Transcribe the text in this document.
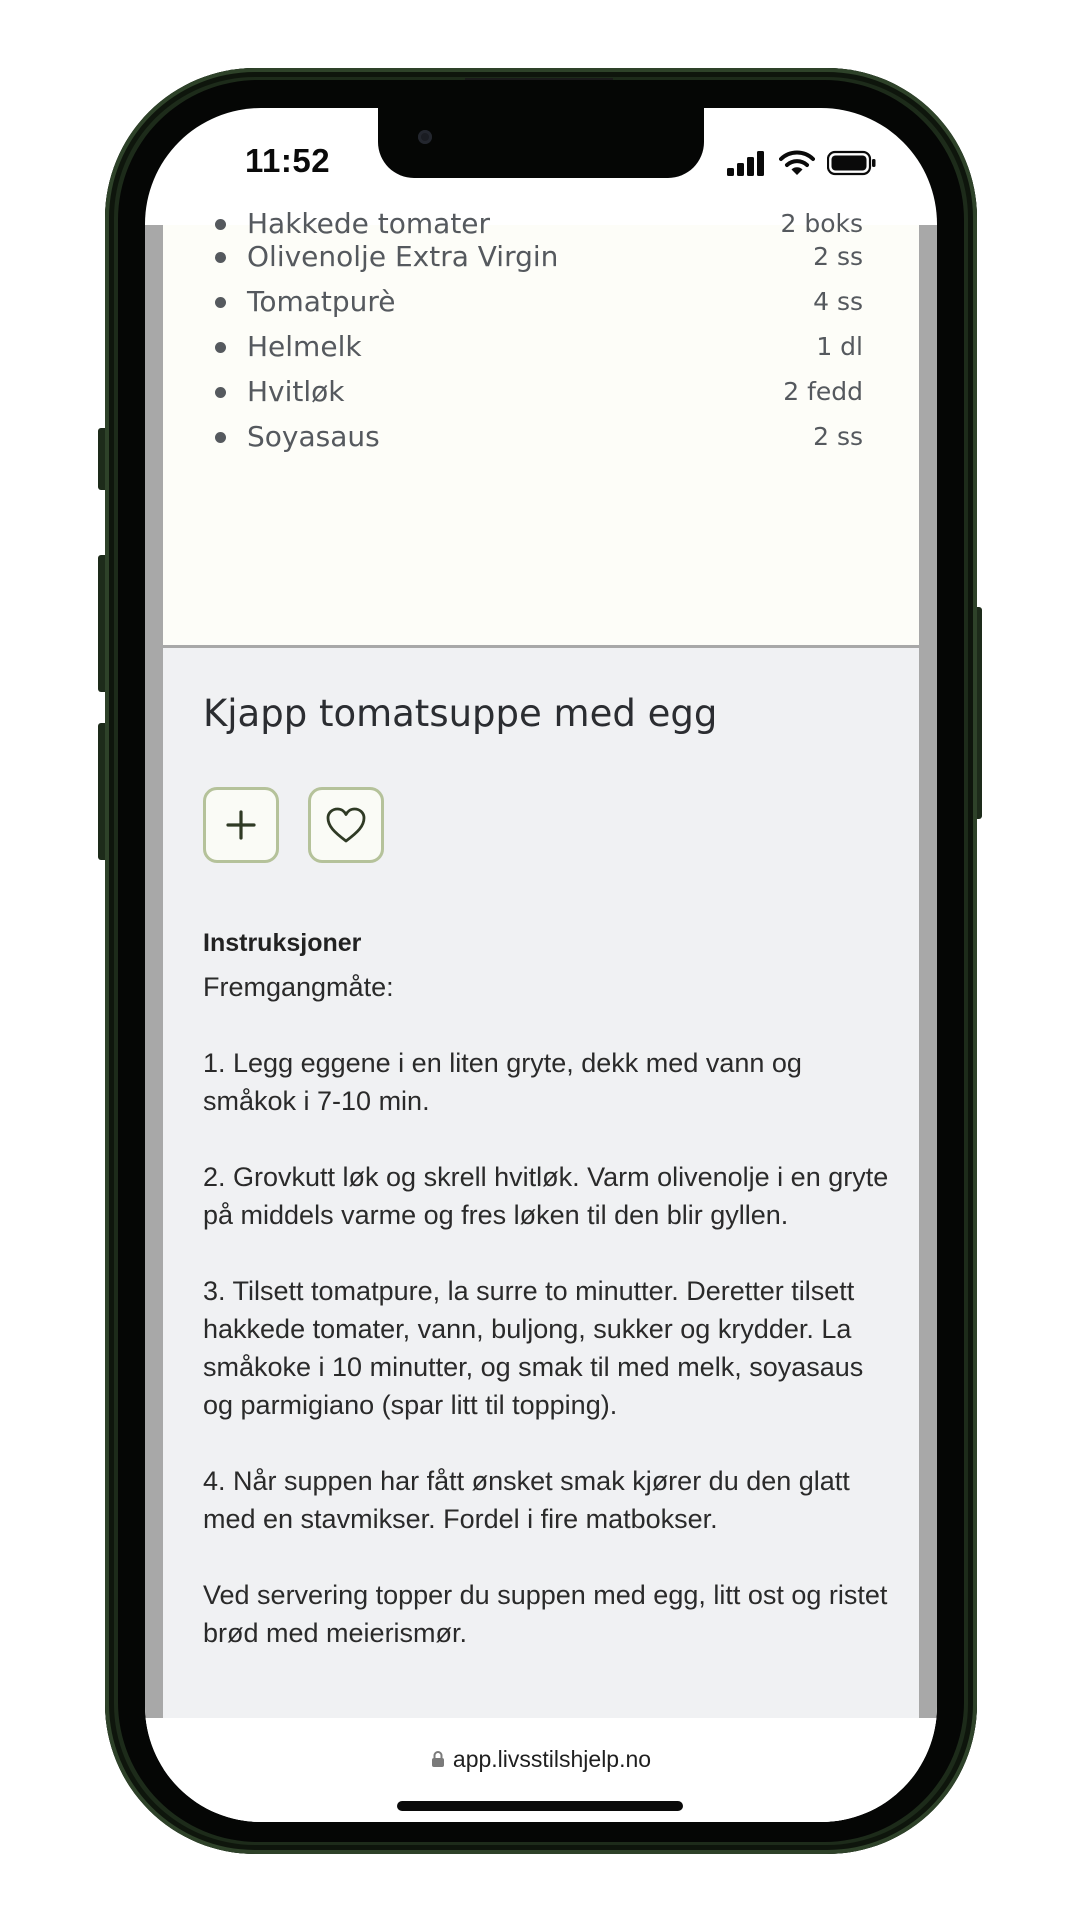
Hakkede tomater	2 boks
Olivenolje Extra Virgin	2 ss
Tomatpurè	4 ss
Helmelk	1 dl
Hvitløk	2 fedd
Soyasaus	2 ss
Kjapp tomatsuppe med egg
Instruksjoner
Fremgangmåte:

1. Legg eggene i en liten gryte, dekk med vann og småkok i 7-10 min.

2. Grovkutt løk og skrell hvitløk. Varm olivenolje i en gryte på middels varme og fres løken til den blir gyllen.

3. Tilsett tomatpure, la surre to minutter. Deretter tilsett hakkede tomater, vann, buljong, sukker og krydder. La småkoke i 10 minutter, og smak til med melk, soyasaus og parmigiano (spar litt til topping).

4. Når suppen har fått ønsket smak kjører du den glatt med en stavmikser. Fordel i fire matbokser.

Ved servering topper du suppen med egg, litt ost og ristet brød med meierismør.
11:52
app.livsstilshjelp.no
